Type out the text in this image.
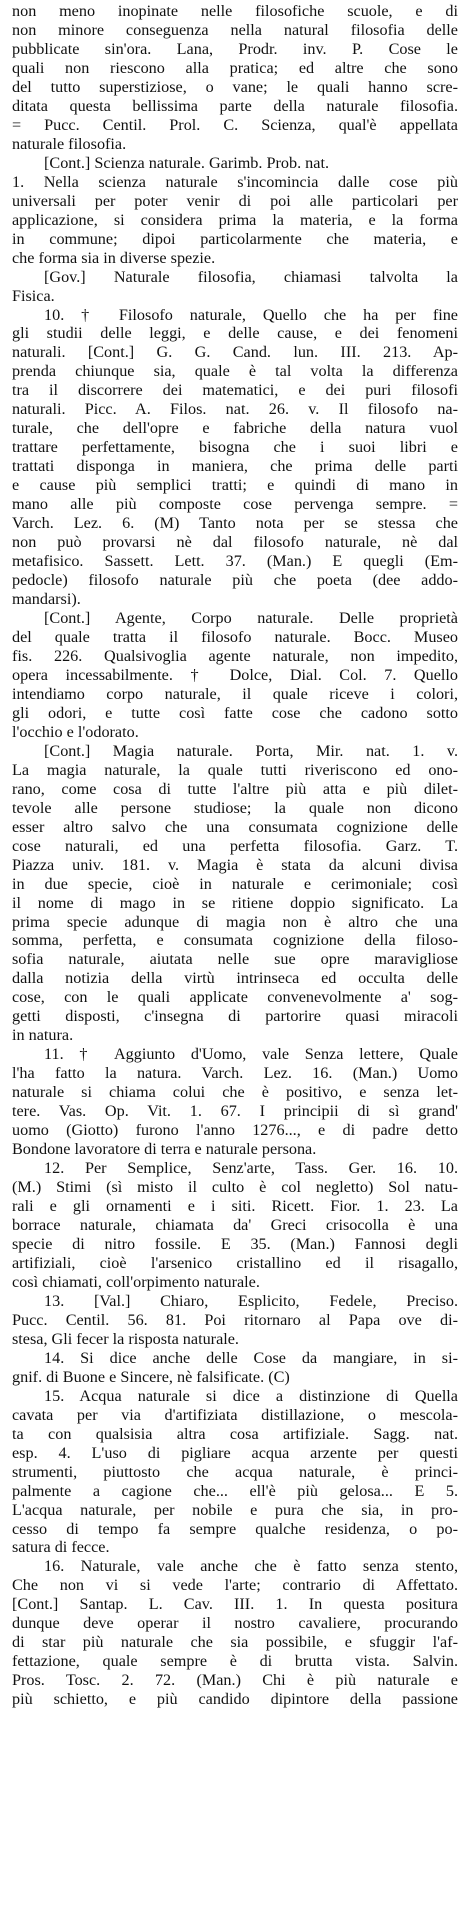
non meno inopinate nelle filosofiche scuole, e di
non minore conseguenza nella natural filosofia delle
pubblicate sin'ora. Lana, Prodr. inv. P. Cose le
quali non riescono alla pratica; ed altre che sono
del tutto superstiziose, o vane; le quali hanno scre-
ditata questa bellissima parte della naturale filosofia.
= Pucc. Centil. Prol. C. Scienza, qual'è appellata
naturale filosofia.
[Cont.] Scienza naturale. Garimb. Prob. nat.
1. Nella scienza naturale s'incomincia dalle cose più
universali per poter venir di poi alle particolari per
applicazione, si considera prima la materia, e la forma
in commune; dipoi particolarmente che materia, e
che forma sia in diverse spezie.
[Gov.] Naturale filosofia, chiamasi talvolta la
Fisica.
10. † Filosofo naturale, Quello che ha per fine
gli studii delle leggi, e delle cause, e dei fenomeni
naturali. [Cont.] G. G. Cand. lun. III. 213. Ap-
prenda chiunque sia, quale è tal volta la differenza
tra il discorrere dei matematici, e dei puri filosofi
naturali. Picc. A. Filos. nat. 26. v. Il filosofo na-
turale, che dell'opre e fabriche della natura vuol
trattare perfettamente, bisogna che i suoi libri e
trattati disponga in maniera, che prima delle parti
e cause più semplici tratti; e quindi di mano in
mano alle più composte cose pervenga sempre. =
Varch. Lez. 6. (M) Tanto nota per se stessa che
non può provarsi nè dal filosofo naturale, nè dal
metafisico. Sassett. Lett. 37. (Man.) E quegli (Em-
pedocle) filosofo naturale più che poeta (dee addo-
mandarsi).
[Cont.] Agente, Corpo naturale. Delle proprietà
del quale tratta il filosofo naturale. Bocc. Museo
fis. 226. Qualsivoglia agente naturale, non impedito,
opera incessabilmente. † Dolce, Dial. Col. 7. Quello
intendiamo corpo naturale, il quale riceve i colori,
gli odori, e tutte così fatte cose che cadono sotto
l'occhio e l'odorato.
[Cont.] Magia naturale. Porta, Mir. nat. 1. v.
La magia naturale, la quale tutti riveriscono ed ono-
rano, come cosa di tutte l'altre più atta e più dilet-
tevole alle persone studiose; la quale non dicono
esser altro salvo che una consumata cognizione delle
cose naturali, ed una perfetta filosofia. Garz. T.
Piazza univ. 181. v. Magia è stata da alcuni divisa
in due specie, cioè in naturale e cerimoniale; così
il nome di mago in se ritiene doppio significato. La
prima specie adunque di magia non è altro che una
somma, perfetta, e consumata cognizione della filoso-
sofia naturale, aiutata nelle sue opre maravigliose
dalla notizia della virtù intrinseca ed occulta delle
cose, con le quali applicate convenevolmente a' sog-
getti disposti, c'insegna di partorire quasi miracoli
in natura.
11. † Aggiunto d'Uomo, vale Senza lettere, Quale
l'ha fatto la natura. Varch. Lez. 16. (Man.) Uomo
naturale si chiama colui che è positivo, e senza let-
tere. Vas. Op. Vit. 1. 67. I principii di sì grand'
uomo (Giotto) furono l'anno 1276..., e di padre detto
Bondone lavoratore di terra e naturale persona.
12. Per Semplice, Senz'arte, Tass. Ger. 16. 10.
(M.) Stimi (sì misto il culto è col negletto) Sol natu-
rali e gli ornamenti e i siti. Ricett. Fior. 1. 23. La
borrace naturale, chiamata da' Greci crisocolla è una
specie di nitro fossile. E 35. (Man.) Fannosi degli
artifiziali, cioè l'arsenico cristallino ed il risagallo,
così chiamati, coll'orpimento naturale.
13. [Val.] Chiaro, Esplicito, Fedele, Preciso.
Pucc. Centil. 56. 81. Poi ritornaro al Papa ove di-
stesa, Gli fecer la risposta naturale.
14. Si dice anche delle Cose da mangiare, in si-
gnif. di Buone e Sincere, nè falsificate. (C)
15. Acqua naturale si dice a distinzione di Quella
cavata per via d'artifiziata distillazione, o mescola-
ta con qualsisia altra cosa artifiziale. Sagg. nat.
esp. 4. L'uso di pigliare acqua arzente per questi
strumenti, piuttosto che acqua naturale, è princi-
palmente a cagione che... ell'è più gelosa... E 5.
L'acqua naturale, per nobile e pura che sia, in pro-
cesso di tempo fa sempre qualche residenza, o po-
satura di fecce.
16. Naturale, vale anche che è fatto senza stento,
Che non vi si vede l'arte; contrario di Affettato.
[Cont.] Santap. L. Cav. III. 1. In questa positura
dunque deve operar il nostro cavaliere, procurando
di star più naturale che sia possibile, e sfuggir l'af-
fettazione, quale sempre è di brutta vista. Salvin.
Pros. Tosc. 2. 72. (Man.) Chi è più naturale e
più schietto, e più candido dipintore della passione
